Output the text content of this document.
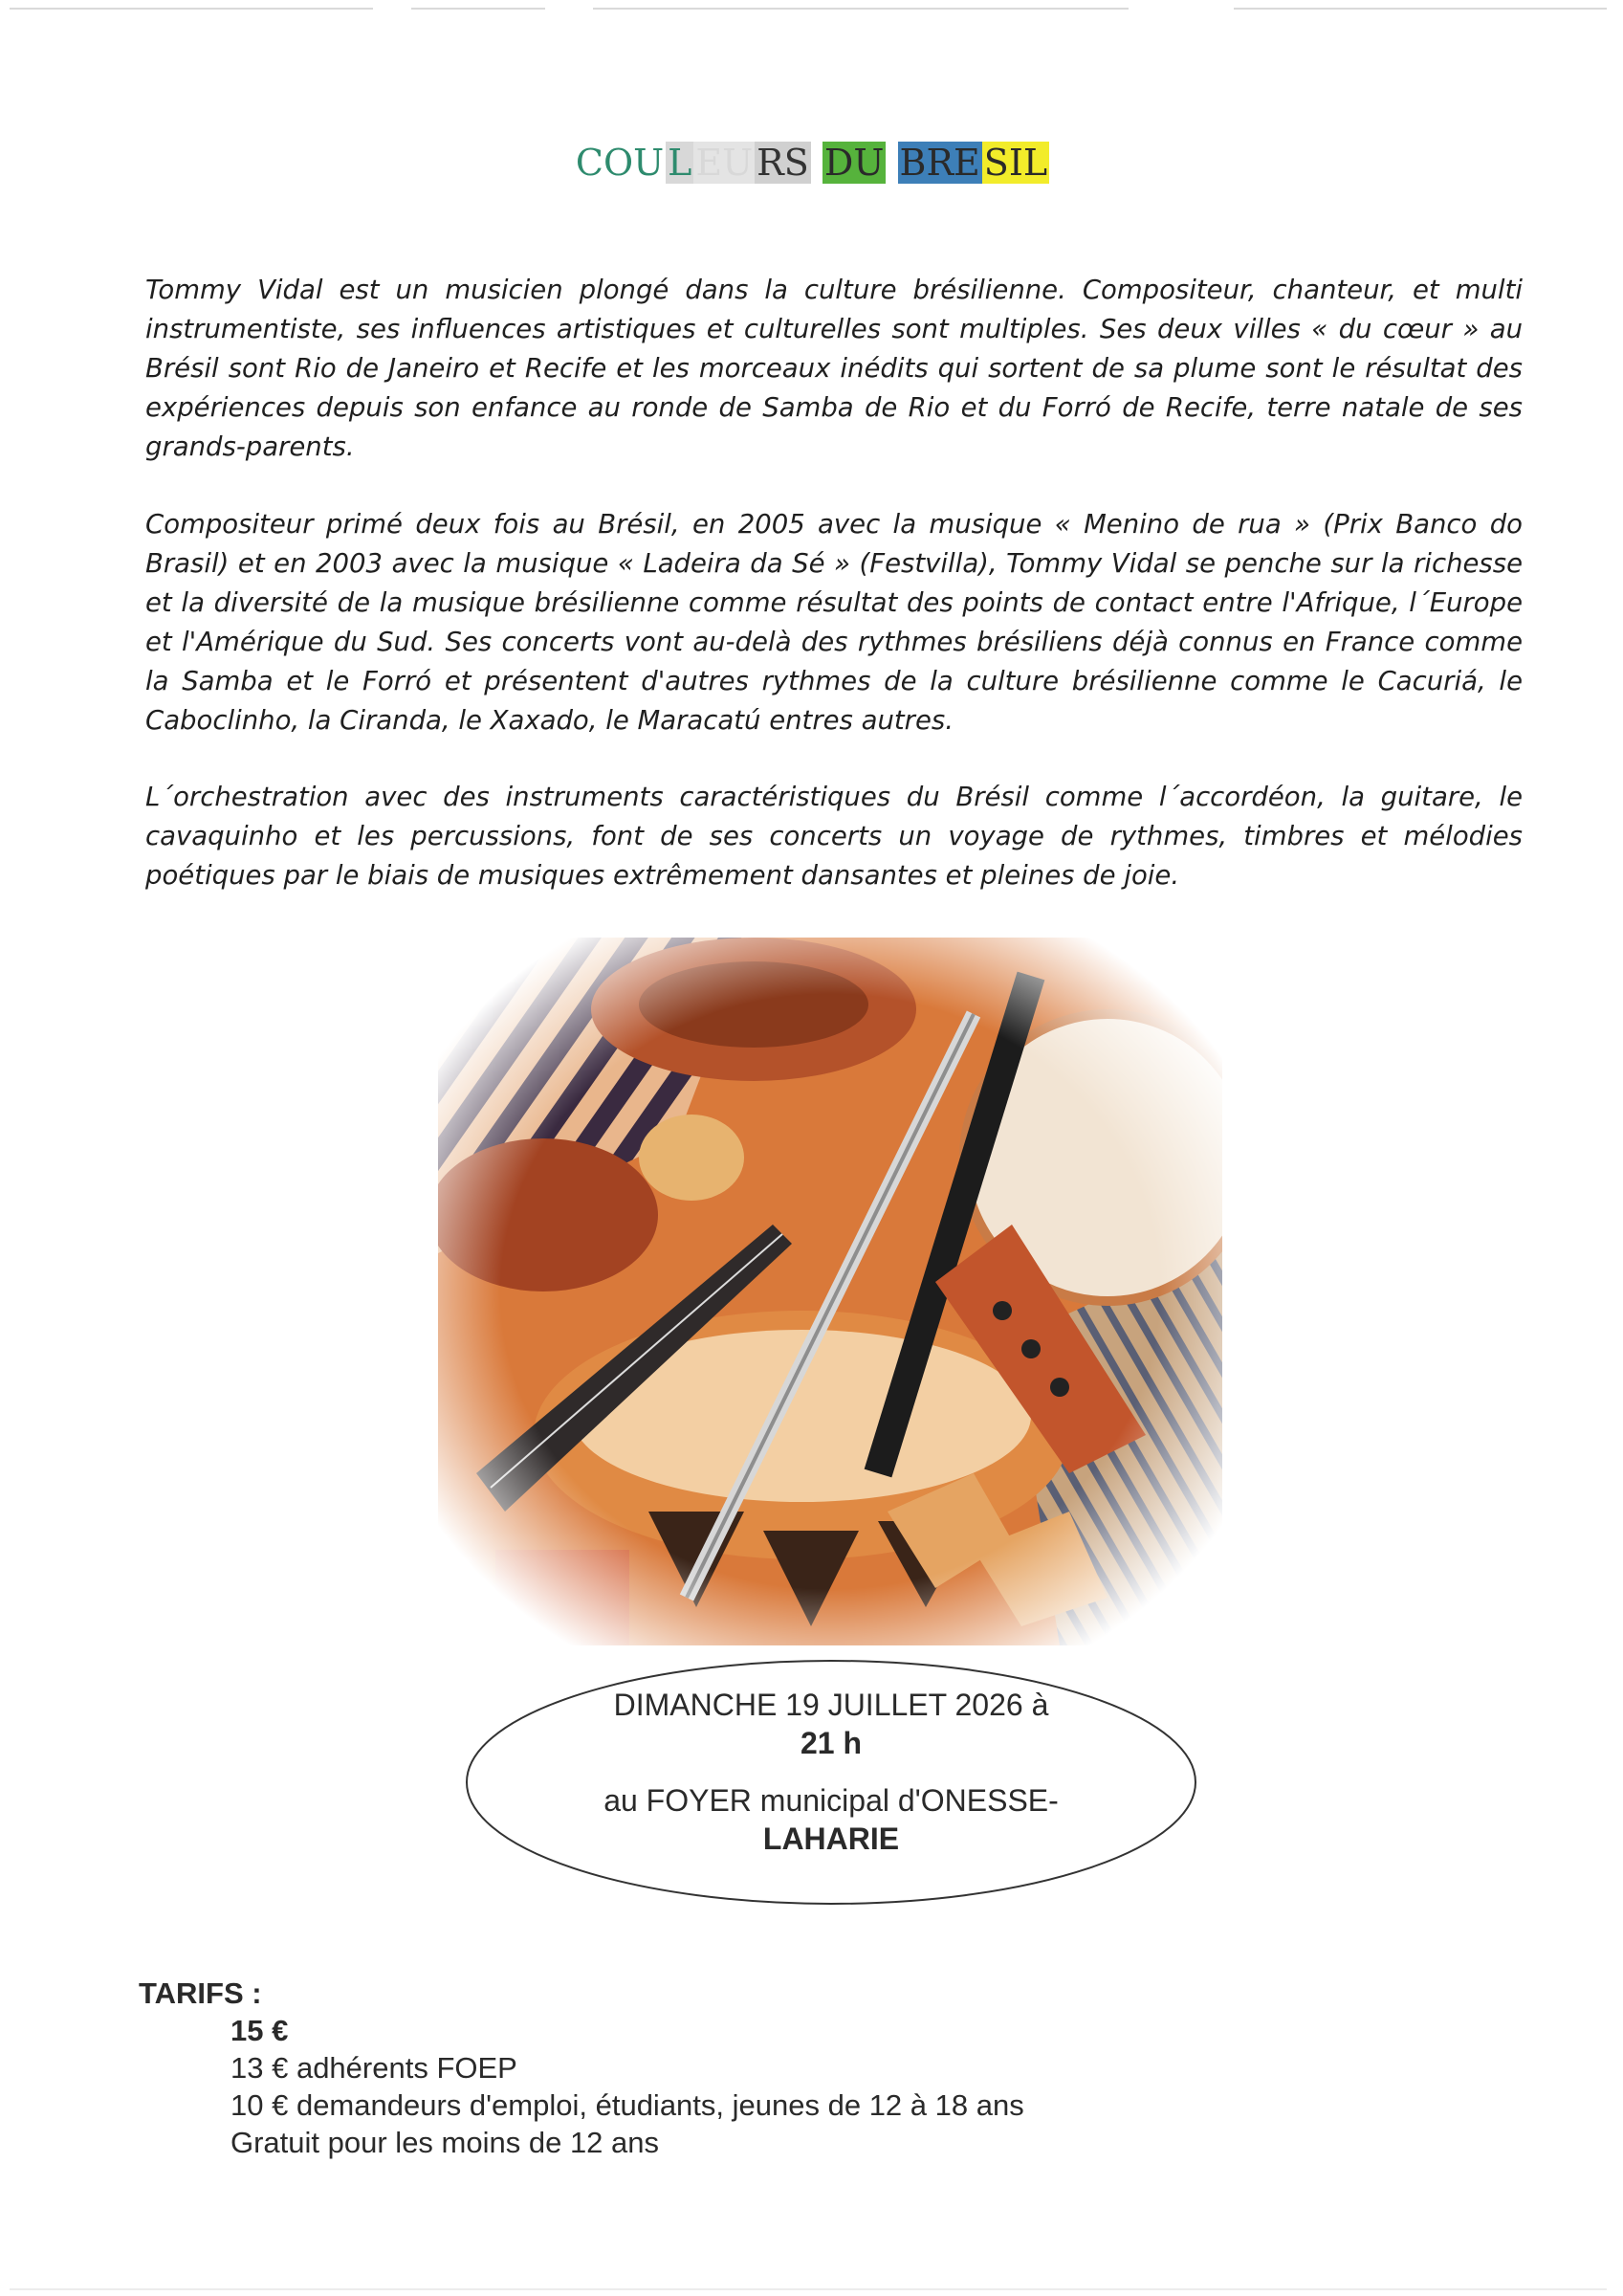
COU L EU RS DU BRE SIL

Tommy Vidal est un musicien plongé dans la culture brésilienne. Compositeur, chanteur, et multi instrumentiste, ses influences artistiques et culturelles sont multiples. Ses deux villes « du cœur » au Brésil sont Rio de Janeiro et Recife et les morceaux inédits qui sortent de sa plume sont le résultat des expériences depuis son enfance au ronde de Samba de Rio et du Forró de Recife, terre natale de ses grands-parents.

Compositeur primé deux fois au Brésil, en 2005 avec la musique « Menino de rua » (Prix Banco do Brasil) et en 2003 avec la musique « Ladeira da Sé » (Festvilla), Tommy Vidal se penche sur la richesse et la diversité de la musique brésilienne comme résultat des points de contact entre l'Afrique, l´Europe et l'Amérique du Sud. Ses concerts vont au-delà des rythmes brésiliens déjà connus en France comme la Samba et le Forró et présentent d'autres rythmes de la culture brésilienne comme le Cacuriá, le Caboclinho, la Ciranda, le Xaxado, le Maracatú entres autres.

L´orchestration avec des instruments caractéristiques du Brésil comme l´accordéon, la guitare, le cavaquinho et les percussions, font de ses concerts un voyage de rythmes, timbres et mélodies poétiques par le biais de musiques extrêmement dansantes et pleines de joie.

DIMANCHE 19 JUILLET 2026 à
21 h
au FOYER municipal d'ONESSE-
LAHARIE
TARIFS :
15 €
13 € adhérents FOEP
10 € demandeurs d'emploi, étudiants, jeunes de 12 à 18 ans
Gratuit pour les moins de 12 ans
